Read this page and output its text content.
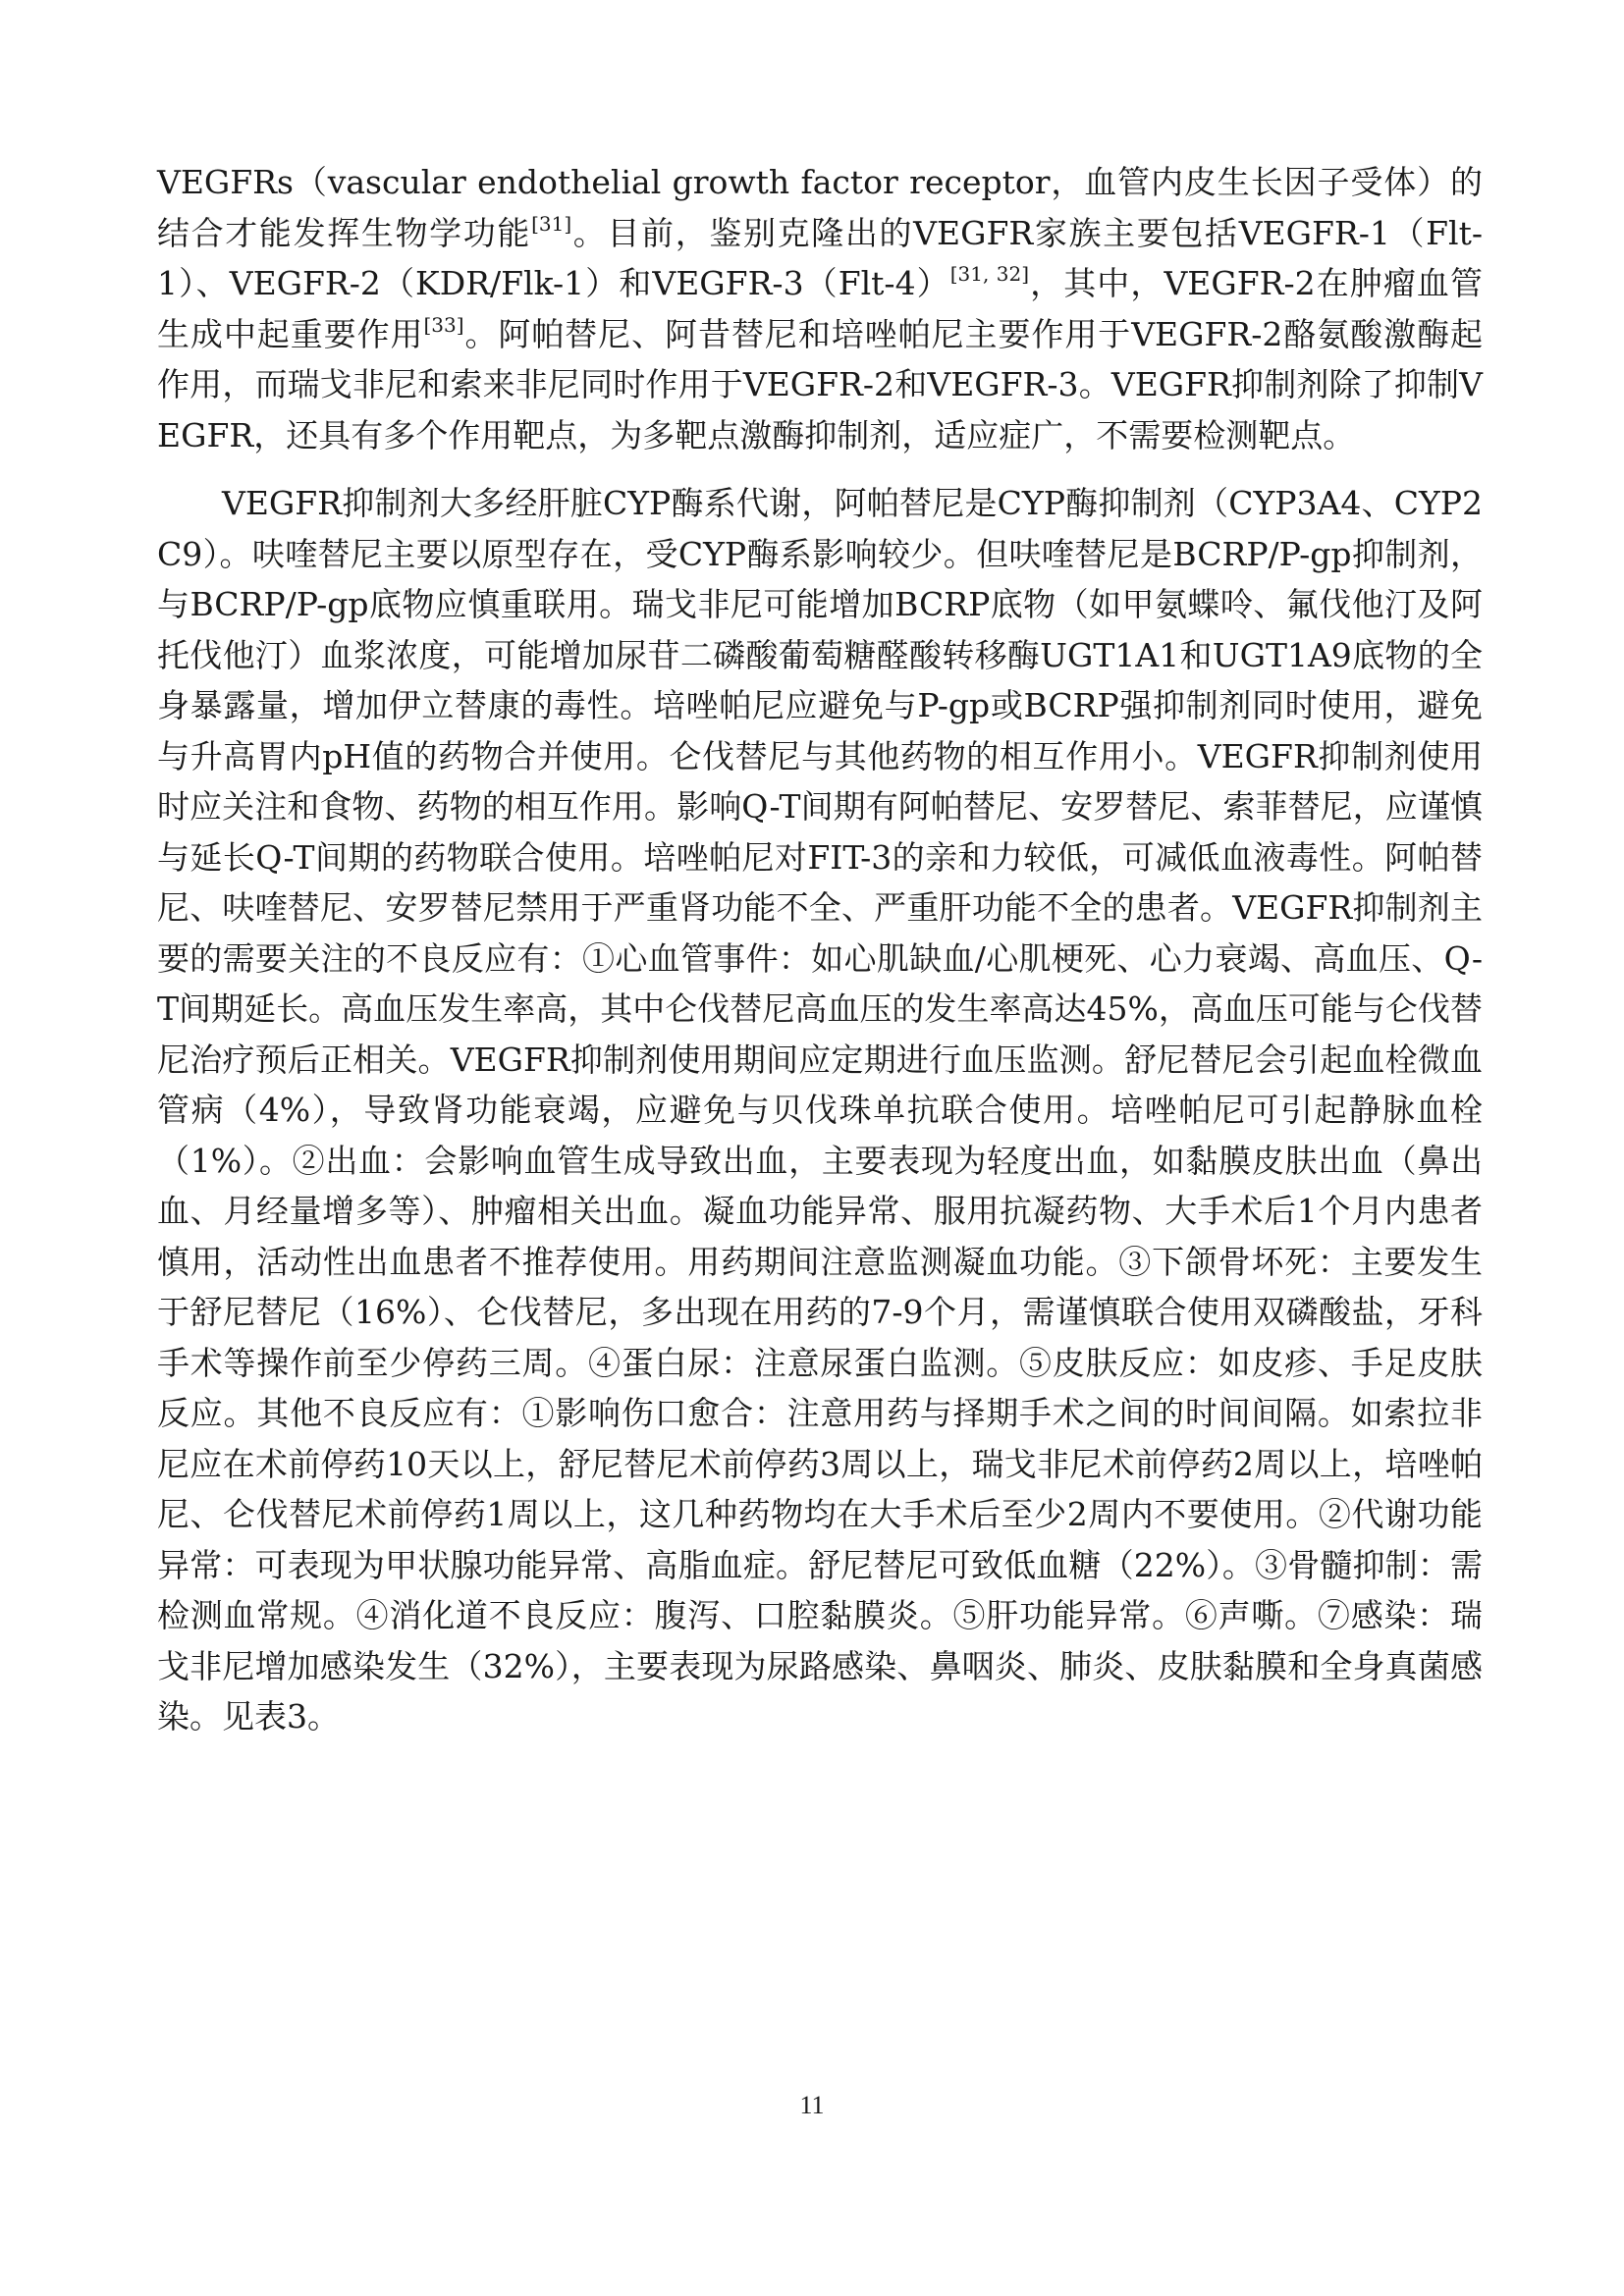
VEGFRs（vascular endothelial growth factor receptor，血管内皮生长因子受体）的结合才能发挥生物学功能[31]。目前，鉴别克隆出的VEGFR家族主要包括VEGFR-1（Flt-1）、VEGFR-2（KDR/Flk-1）和VEGFR-3（Flt-4）[31, 32]，其中，VEGFR-2在肿瘤血管生成中起重要作用[33]。阿帕替尼、阿昔替尼和培唑帕尼主要作用于VEGFR-2酪氨酸激酶起作用，而瑞戈非尼和索来非尼同时作用于VEGFR-2和VEGFR-3。VEGFR抑制剂除了抑制VEGFR，还具有多个作用靶点，为多靶点激酶抑制剂，适应症广，不需要检测靶点。

VEGFR抑制剂大多经肝脏CYP酶系代谢，阿帕替尼是CYP酶抑制剂（CYP3A4、CYP2C9）。呋喹替尼主要以原型存在，受CYP酶系影响较少。但呋喹替尼是BCRP/P-gp抑制剂，与BCRP/P-gp底物应慎重联用。瑞戈非尼可能增加BCRP底物（如甲氨蝶呤、氟伐他汀及阿托伐他汀）血浆浓度，可能增加尿苷二磷酸葡萄糖醛酸转移酶UGT1A1和UGT1A9底物的全身暴露量，增加伊立替康的毒性。培唑帕尼应避免与P-gp或BCRP强抑制剂同时使用，避免与升高胃内pH值的药物合并使用。仑伐替尼与其他药物的相互作用小。VEGFR抑制剂使用时应关注和食物、药物的相互作用。影响Q-T间期有阿帕替尼、安罗替尼、索菲替尼，应谨慎与延长Q-T间期的药物联合使用。培唑帕尼对FIT-3的亲和力较低，可减低血液毒性。阿帕替尼、呋喹替尼、安罗替尼禁用于严重肾功能不全、严重肝功能不全的患者。VEGFR抑制剂主要的需要关注的不良反应有：①心血管事件：如心肌缺血/心肌梗死、心力衰竭、高血压、Q-T间期延长。高血压发生率高，其中仑伐替尼高血压的发生率高达45%，高血压可能与仑伐替尼治疗预后正相关。VEGFR抑制剂使用期间应定期进行血压监测。舒尼替尼会引起血栓微血管病（4%），导致肾功能衰竭，应避免与贝伐珠单抗联合使用。培唑帕尼可引起静脉血栓（1%）。②出血：会影响血管生成导致出血，主要表现为轻度出血，如黏膜皮肤出血（鼻出血、月经量增多等）、肿瘤相关出血。凝血功能异常、服用抗凝药物、大手术后1个月内患者慎用，活动性出血患者不推荐使用。用药期间注意监测凝血功能。③下颌骨坏死：主要发生于舒尼替尼（16%）、仑伐替尼，多出现在用药的7-9个月，需谨慎联合使用双磷酸盐，牙科手术等操作前至少停药三周。④蛋白尿：注意尿蛋白监测。⑤皮肤反应：如皮疹、手足皮肤反应。其他不良反应有：①影响伤口愈合：注意用药与择期手术之间的时间间隔。如索拉非尼应在术前停药10天以上，舒尼替尼术前停药3周以上，瑞戈非尼术前停药2周以上，培唑帕尼、仑伐替尼术前停药1周以上，这几种药物均在大手术后至少2周内不要使用。②代谢功能异常：可表现为甲状腺功能异常、高脂血症。舒尼替尼可致低血糖（22%）。③骨髓抑制：需检测血常规。④消化道不良反应：腹泻、口腔黏膜炎。⑤肝功能异常。⑥声嘶。⑦感染：瑞戈非尼增加感染发生（32%），主要表现为尿路感染、鼻咽炎、肺炎、皮肤黏膜和全身真菌感染。见表3。

11
